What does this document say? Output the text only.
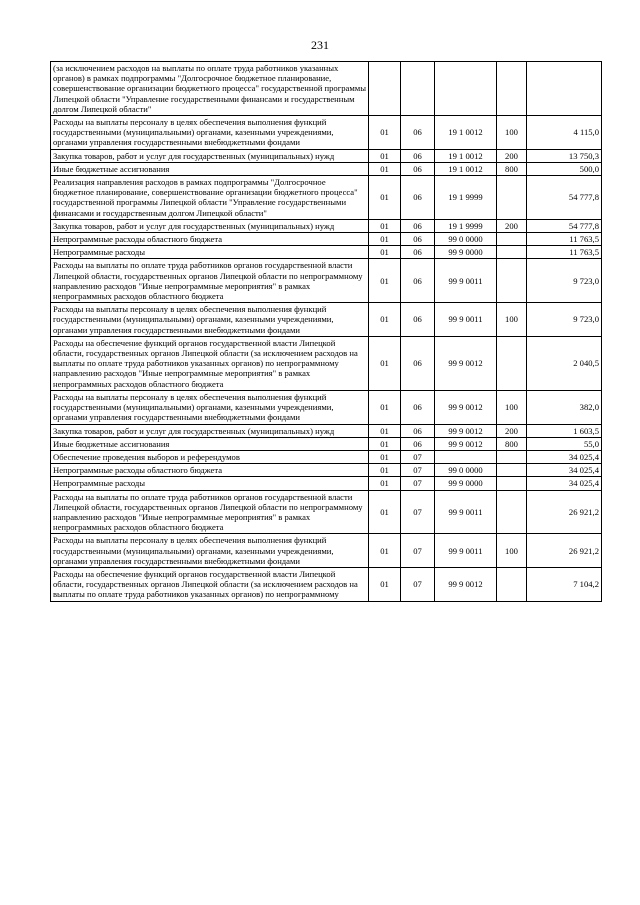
231
(за исключением расходов на выплаты по оплате труда работников указанных органов) в рамках подпрограммы "Долгосрочное бюджетное планирование, совершенствование организации бюджетного процесса" государственной программы Липецкой области "Управление государственными финансами и государственным долгом Липецкой области"					
Расходы на выплаты персоналу в целях обеспечения выполнения функций государственными (муниципальными) органами, казенными учреждениями, органами управления государственными внебюджетными фондами	01	06	19 1 0012	100	4 115,0
Закупка товаров, работ и услуг для государственных (муниципальных) нужд	01	06	19 1 0012	200	13 750,3
Иные бюджетные ассигнования	01	06	19 1 0012	800	500,0
Реализация направления расходов в рамках подпрограммы "Долгосрочное бюджетное планирование, совершенствование организации бюджетного процесса" государственной программы Липецкой области "Управление государственными финансами и государственным долгом Липецкой области"	01	06	19 1 9999		54 777,8
Закупка товаров, работ и услуг для государственных (муниципальных) нужд	01	06	19 1 9999	200	54 777,8
Непрограммные расходы областного бюджета	01	06	99 0 0000		11 763,5
Непрограммные расходы	01	06	99 9 0000		11 763,5
Расходы на выплаты по оплате труда работников органов государственной власти Липецкой области, государственных органов Липецкой области по непрограммному направлению расходов "Иные непрограммные мероприятия" в рамках непрограммных расходов областного бюджета	01	06	99 9 0011		9 723,0
Расходы на выплаты персоналу в целях обеспечения выполнения функций государственными (муниципальными) органами, казенными учреждениями, органами управления государственными внебюджетными фондами	01	06	99 9 0011	100	9 723,0
Расходы на обеспечение функций органов государственной власти Липецкой области, государственных органов Липецкой области (за исключением расходов на выплаты по оплате труда работников указанных органов) по непрограммному направлению расходов "Иные непрограммные мероприятия" в рамках непрограммных расходов областного бюджета	01	06	99 9 0012		2 040,5
Расходы на выплаты персоналу в целях обеспечения выполнения функций государственными (муниципальными) органами, казенными учреждениями, органами управления государственными внебюджетными фондами	01	06	99 9 0012	100	382,0
Закупка товаров, работ и услуг для государственных (муниципальных) нужд	01	06	99 9 0012	200	1 603,5
Иные бюджетные ассигнования	01	06	99 9 0012	800	55,0
Обеспечение проведения выборов и референдумов	01	07			34 025,4
Непрограммные расходы областного бюджета	01	07	99 0 0000		34 025,4
Непрограммные расходы	01	07	99 9 0000		34 025,4
Расходы на выплаты по оплате труда работников органов государственной власти Липецкой области, государственных органов Липецкой области по непрограммному направлению расходов "Иные непрограммные мероприятия" в рамках непрограммных расходов областного бюджета	01	07	99 9 0011		26 921,2
Расходы на выплаты персоналу в целях обеспечения выполнения функций государственными (муниципальными) органами, казенными учреждениями, органами управления государственными внебюджетными фондами	01	07	99 9 0011	100	26 921,2
Расходы на обеспечение функций органов государственной власти Липецкой области, государственных органов Липецкой области (за исключением расходов на выплаты по оплате труда работников указанных органов) по непрограммному	01	07	99 9 0012		7 104,2
